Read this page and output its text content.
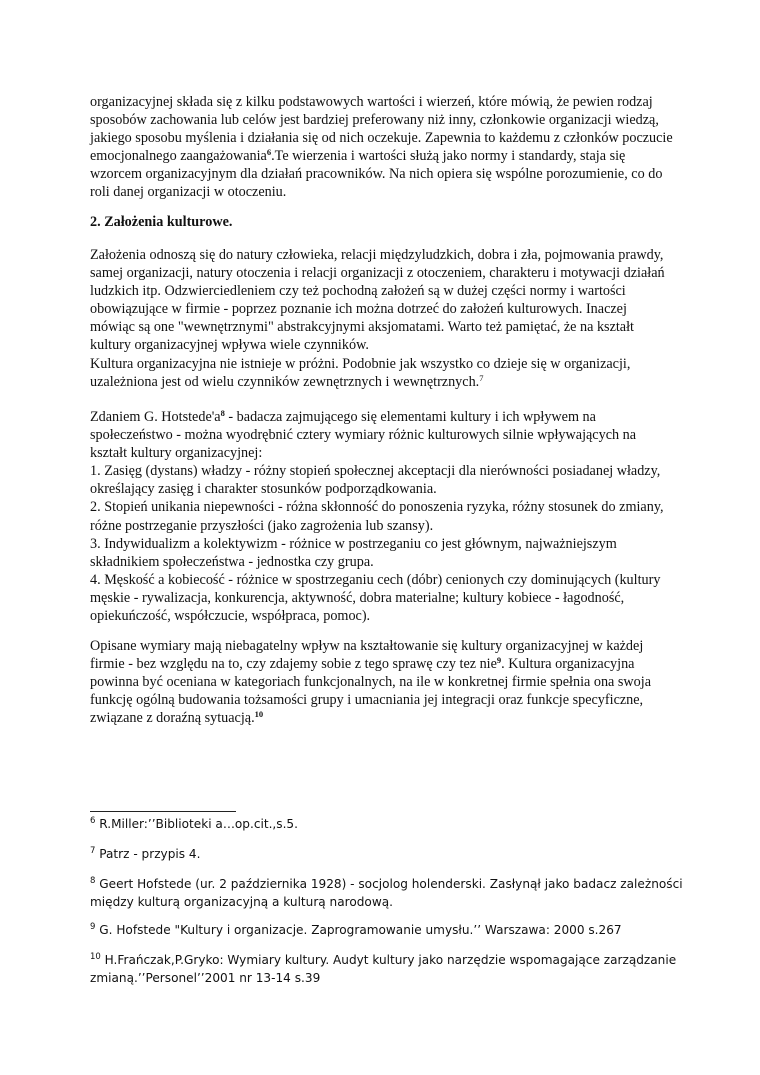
organizacyjnej składa się z kilku podstawowych wartości i wierzeń, które mówią, że pewien rodzaj sposobów zachowania lub celów jest bardziej preferowany niż inny, członkowie organizacji wiedzą, jakiego sposobu myślenia i działania się od nich oczekuje. Zapewnia to każdemu z członków poczucie emocjonalnego zaangażowania$^6$.Te wierzenia i wartości służą jako normy i standardy, staja się wzorcem organizacyjnym dla działań pracowników. Na nich opiera się wspólne porozumienie, co do roli danej organizacji w otoczeniu.

2. Założenia kulturowe.

Założenia odnoszą się do natury człowieka, relacji międzyludzkich, dobra i zła, pojmowania prawdy, samej organizacji, natury otoczenia i relacji organizacji z otoczeniem, charakteru i motywacji działań ludzkich itp. Odzwierciedleniem czy też pochodną założeń są w dużej części normy i wartości obowiązujące w firmie - poprzez poznanie ich można dotrzeć do założeń kulturowych. Inaczej mówiąc są one "wewnętrznymi" abstrakcyjnymi aksjomatami. Warto też pamiętać, że na kształt kultury organizacyjnej wpływa wiele czynników.
Kultura organizacyjna nie istnieje w próżni. Podobnie jak wszystko co dzieje się w organizacji, uzależniona jest od wielu czynników zewnętrznych i wewnętrznych.$^7$

Zdaniem G. $Hotstede'a^8$ - badacza zajmującego się elementami kultury i ich wpływem na społeczeństwo - można wyodrębnić cztery wymiary różnic kulturowych silnie wpływających na kształt kultury organizacyjnej:
1. Zasięg (dystans) władzy - różny stopień społecznej akceptacji dla nierówności posiadanej władzy, określający zasięg i charakter stosunków podporządkowania.
2. Stopień unikania niepewności - różna skłonność do ponoszenia ryzyka, różny stosunek do zmiany, różne postrzeganie przyszłości (jako zagrożenia lub szansy).
3. Indywidualizm a kolektywizm - różnice w postrzeganiu co jest głównym, najważniejszym składnikiem społeczeństwa - jednostka czy grupa.
4. Męskość a kobiecość - różnice w spostrzeganiu cech (dóbr) cenionych czy dominujących (kultury męskie - rywalizacja, konkurencja, aktywność, dobra materialne; kultury kobiece - łagodność, opiekuńczość, współczucie, współpraca, pomoc).

Opisane wymiary mają niebagatelny wpływ na kształtowanie się kultury organizacyjnej w każdej firmie - bez względu na to, czy zdajemy sobie z tego sprawę czy tez nie$^9$. Kultura organizacyjna powinna być oceniana w kategoriach funkcjonalnych, na ile w konkretnej firmie spełnia ona swoja funkcję ogólną budowania tożsamości grupy i umacniania jej integracji oraz funkcje specyficzne, związane z doraźną sytuacją.$^{10}$

$^6$ R.Miller:’’Biblioteki a…op.cit.,s.5.

$^7$ Patrz - przypis 4.

$^8$ Geert Hofstede (ur. 2 października 1928) - socjolog holenderski. Zasłynął jako badacz zależności między kulturą organizacyjną a kulturą narodową.

$^9$ G. Hofstede "Kultury i organizacje. Zaprogramowanie umysłu.’’ Warszawa: 2000 s.267

$^{10}$ H.Frańczak,P.Gryko: Wymiary kultury. Audyt kultury jako narzędzie wspomagające zarządzanie zmianą.’’Personel’’2001 nr 13-14 s.39
